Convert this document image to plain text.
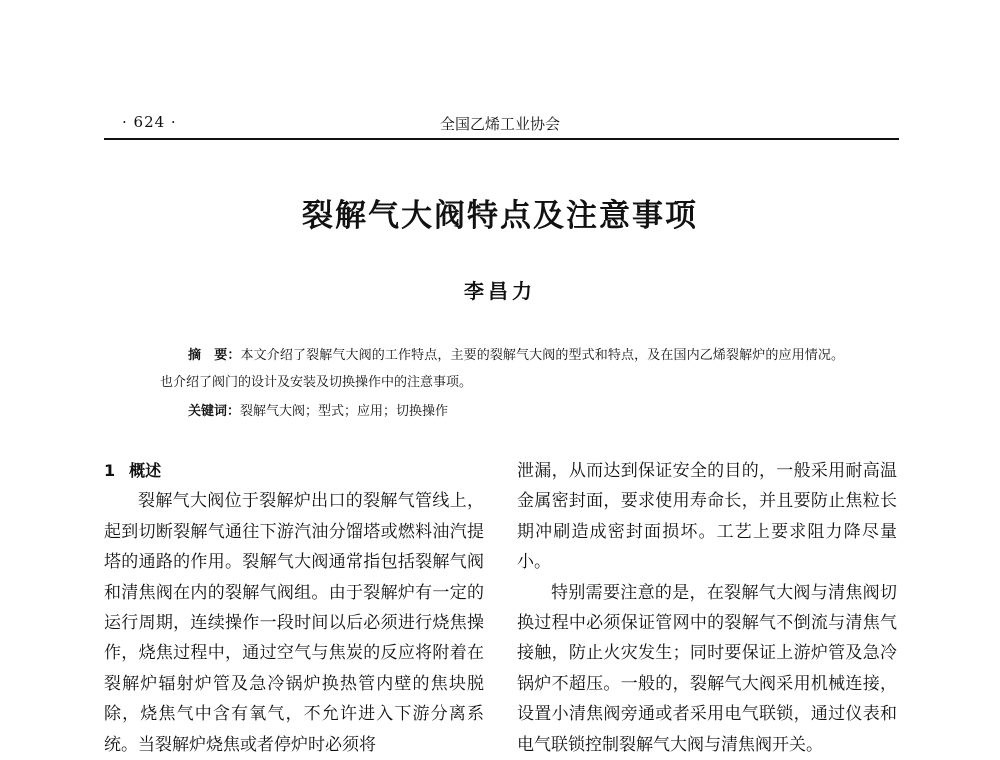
· 624 ·	全国乙烯工业协会
裂解气大阀特点及注意事项
李昌力

摘　要：本文介绍了裂解气大阀的工作特点，主要的裂解气大阀的型式和特点，及在国内乙烯裂解炉的应用情况。也介绍了阀门的设计及安装及切换操作中的注意事项。

关键词：裂解气大阀；型式；应用；切换操作

1 概述

裂解气大阀位于裂解炉出口的裂解气管线上，起到切断裂解气通往下游汽油分馏塔或燃料油汽提塔的通路的作用。裂解气大阀通常指包括裂解气阀和清焦阀在内的裂解气阀组。由于裂解炉有一定的运行周期，连续操作一段时间以后必须进行烧焦操作，烧焦过程中，通过空气与焦炭的反应将附着在裂解炉辐射炉管及急冷锅炉换热管内壁的焦块脱除，烧焦气中含有氧气，不允许进入下游分离系统。当裂解炉烧焦或者停炉时必须将

泄漏，从而达到保证安全的目的，一般采用耐高温金属密封面，要求使用寿命长，并且要防止焦粒长期冲刷造成密封面损坏。工艺上要求阻力降尽量小。

特别需要注意的是，在裂解气大阀与清焦阀切换过程中必须保证管网中的裂解气不倒流与清焦气接触，防止火灾发生；同时要保证上游炉管及急冷锅炉不超压。一般的，裂解气大阀采用机械连接，设置小清焦阀旁通或者采用电气联锁，通过仪表和电气联锁控制裂解气大阀与清焦阀开关。
